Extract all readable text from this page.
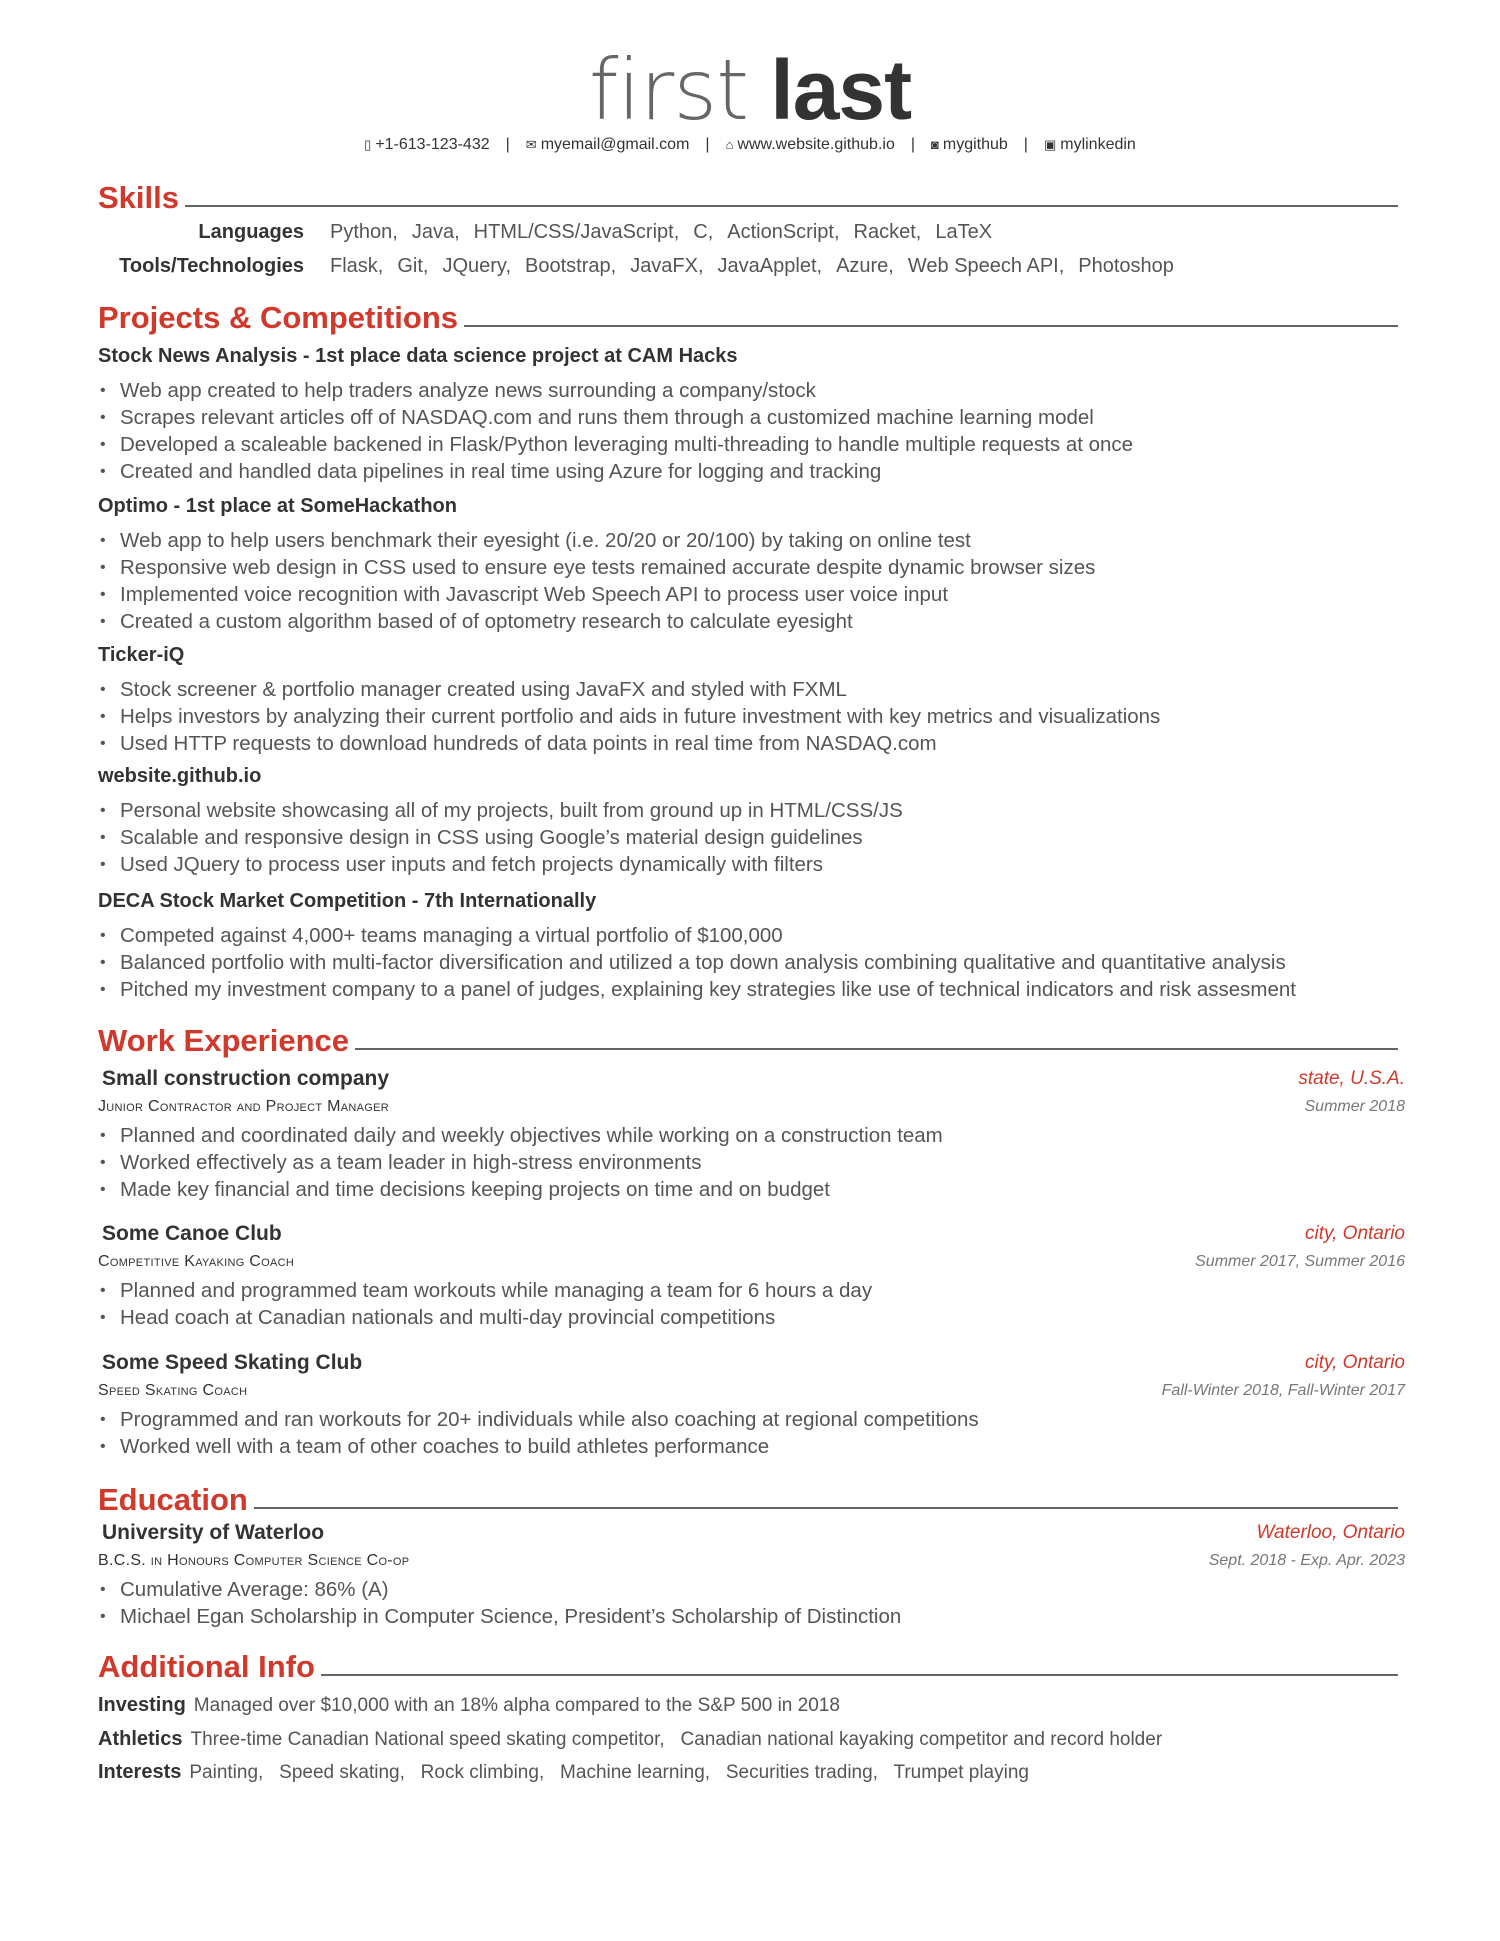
first last
▯ +1-613-123-432 | ✉ myemail@gmail.com | ⌂ www.website.github.io | ◙ mygithub | ▣ mylinkedin
Skills
Languages Python, Java, HTML/CSS/JavaScript, C, ActionScript, Racket, LaTeX
Tools/Technologies Flask, Git, JQuery, Bootstrap, JavaFX, JavaApplet, Azure, Web Speech API, Photoshop
Projects & Competitions
Stock News Analysis - 1st place data science project at CAM Hacks
• Web app created to help traders analyze news surrounding a company/stock
• Scrapes relevant articles off of NASDAQ.com and runs them through a customized machine learning model
• Developed a scaleable backened in Flask/Python leveraging multi-threading to handle multiple requests at once
• Created and handled data pipelines in real time using Azure for logging and tracking
Optimo - 1st place at SomeHackathon
• Web app to help users benchmark their eyesight (i.e. 20/20 or 20/100) by taking on online test
• Responsive web design in CSS used to ensure eye tests remained accurate despite dynamic browser sizes
• Implemented voice recognition with Javascript Web Speech API to process user voice input
• Created a custom algorithm based of of optometry research to calculate eyesight
Ticker-iQ
• Stock screener & portfolio manager created using JavaFX and styled with FXML
• Helps investors by analyzing their current portfolio and aids in future investment with key metrics and visualizations
• Used HTTP requests to download hundreds of data points in real time from NASDAQ.com
website.github.io
• Personal website showcasing all of my projects, built from ground up in HTML/CSS/JS
• Scalable and responsive design in CSS using Google’s material design guidelines
• Used JQuery to process user inputs and fetch projects dynamically with filters
DECA Stock Market Competition - 7th Internationally
• Competed against 4,000+ teams managing a virtual portfolio of $100,000
• Balanced portfolio with multi-factor diversification and utilized a top down analysis combining qualitative and quantitative analysis
• Pitched my investment company to a panel of judges, explaining key strategies like use of technical indicators and risk assesment
Work Experience
Small construction company	state, U.S.A.
Junior Contractor and Project Manager	Summer 2018
• Planned and coordinated daily and weekly objectives while working on a construction team
• Worked effectively as a team leader in high-stress environments
• Made key financial and time decisions keeping projects on time and on budget
Some Canoe Club	city, Ontario
Competitive Kayaking Coach	Summer 2017, Summer 2016
• Planned and programmed team workouts while managing a team for 6 hours a day
• Head coach at Canadian nationals and multi-day provincial competitions
Some Speed Skating Club	city, Ontario
Speed Skating Coach	Fall-Winter 2018, Fall-Winter 2017
• Programmed and ran workouts for 20+ individuals while also coaching at regional competitions
• Worked well with a team of other coaches to build athletes performance
Education
University of Waterloo	Waterloo, Ontario
B.C.S. in Honours Computer Science Co-op	Sept. 2018 - Exp. Apr. 2023
• Cumulative Average: 86% (A)
• Michael Egan Scholarship in Computer Science, President’s Scholarship of Distinction
Additional Info
Investing Managed over $10,000 with an 18% alpha compared to the S&P 500 in 2018
Athletics Three-time Canadian National speed skating competitor,   Canadian national kayaking competitor and record holder
Interests Painting,   Speed skating,   Rock climbing,   Machine learning,   Securities trading,   Trumpet playing
